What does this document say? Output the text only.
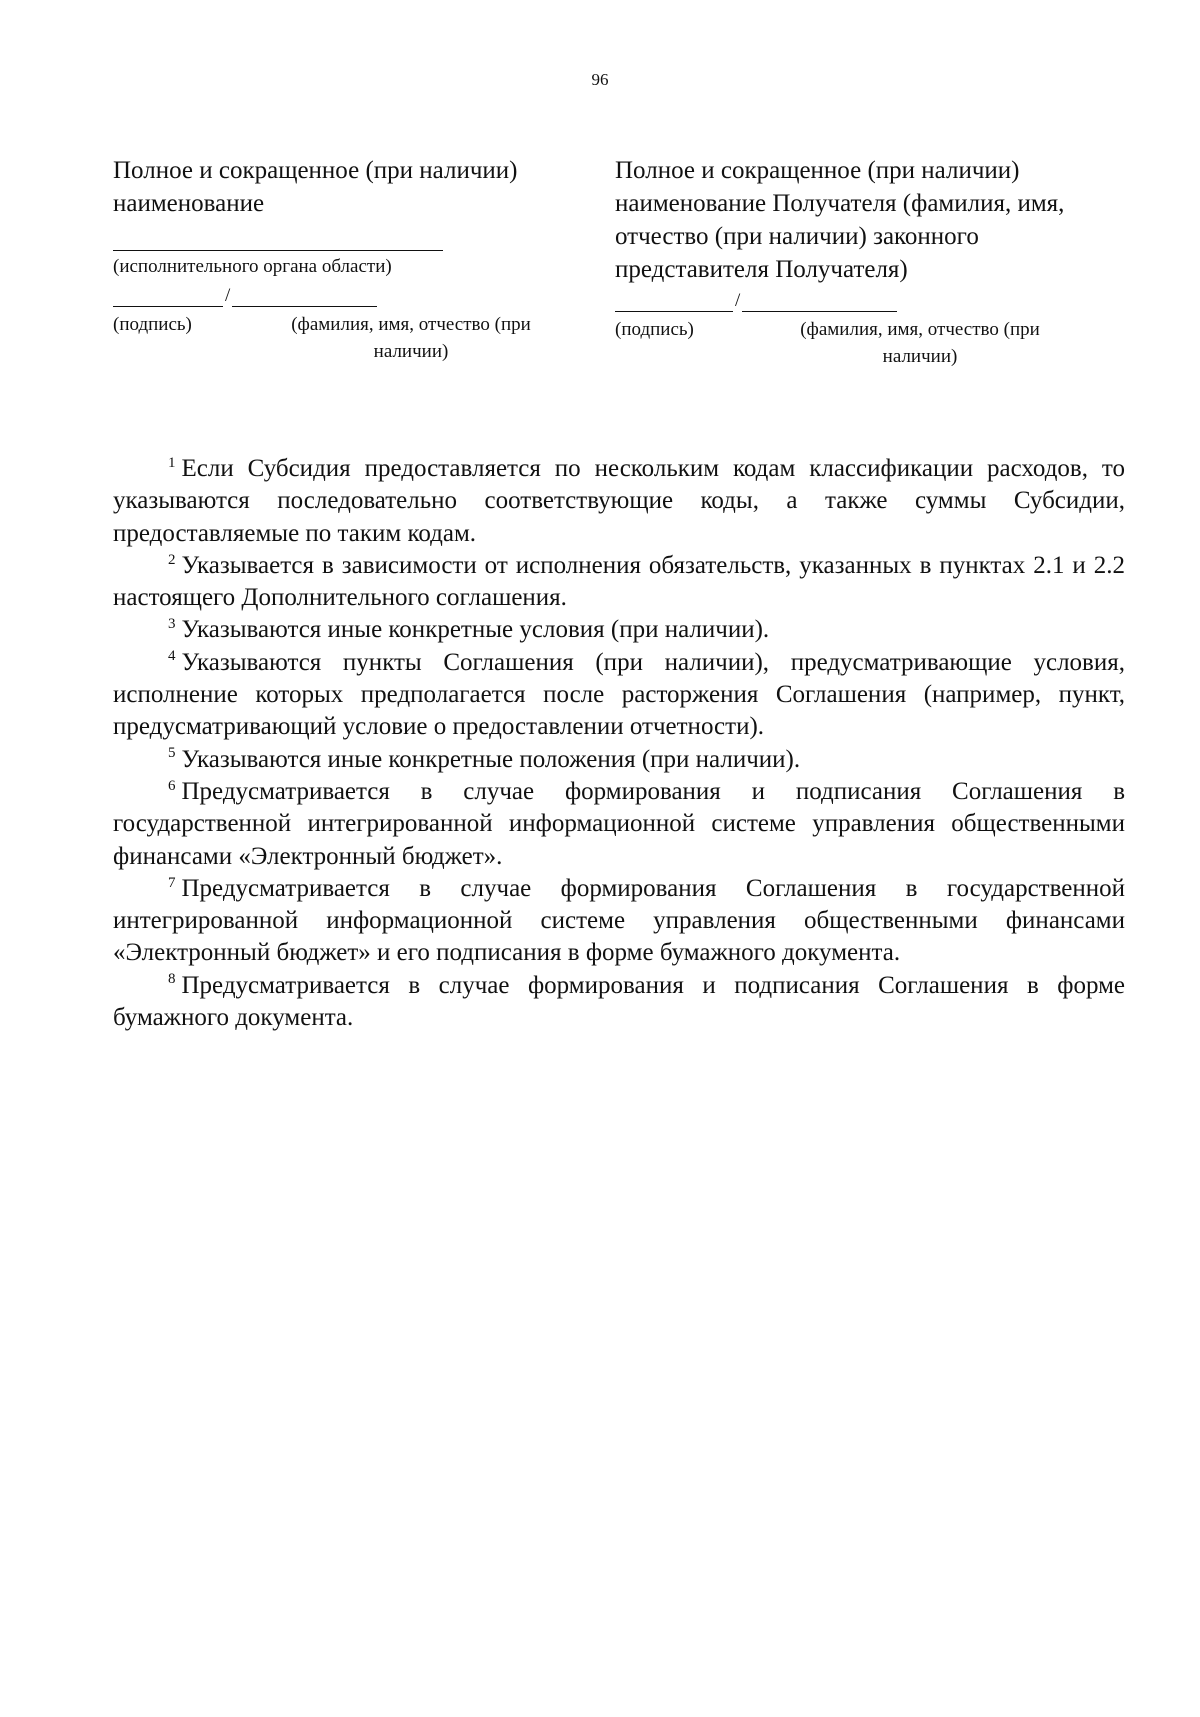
96
Полное и сокращенное (при наличии) наименование
(исполнительного органа области)
/
(подпись)	(фамилия, имя, отчество (при
наличии)
Полное и сокращенное (при наличии) наименование Получателя (фамилия, имя, отчество (при наличии) законного представителя Получателя)
/
(подпись)	(фамилия, имя, отчество (при
наличии)

$^1$ Если Субсидия предоставляется по нескольким кодам классификации расходов, то указываются последовательно соответствующие коды, а также суммы Субсидии, предоставляемые по таким кодам.

$^2$ Указывается в зависимости от исполнения обязательств, указанных в пунктах 2.1 и 2.2 настоящего Дополнительного соглашения.

$^3$ Указываются иные конкретные условия (при наличии).

$^4$ Указываются пункты Соглашения (при наличии), предусматривающие условия, исполнение которых предполагается после расторжения Соглашения (например, пункт, предусматривающий условие о предоставлении отчетности).

$^5$ Указываются иные конкретные положения (при наличии).

$^6$ Предусматривается в случае формирования и подписания Соглашения в государственной интегрированной информационной системе управления общественными финансами «Электронный бюджет».

$^7$ Предусматривается в случае формирования Соглашения в государственной интегрированной информационной системе управления общественными финансами «Электронный бюджет» и его подписания в форме бумажного документа.

$^8$ Предусматривается в случае формирования и подписания Соглашения в форме бумажного документа.
